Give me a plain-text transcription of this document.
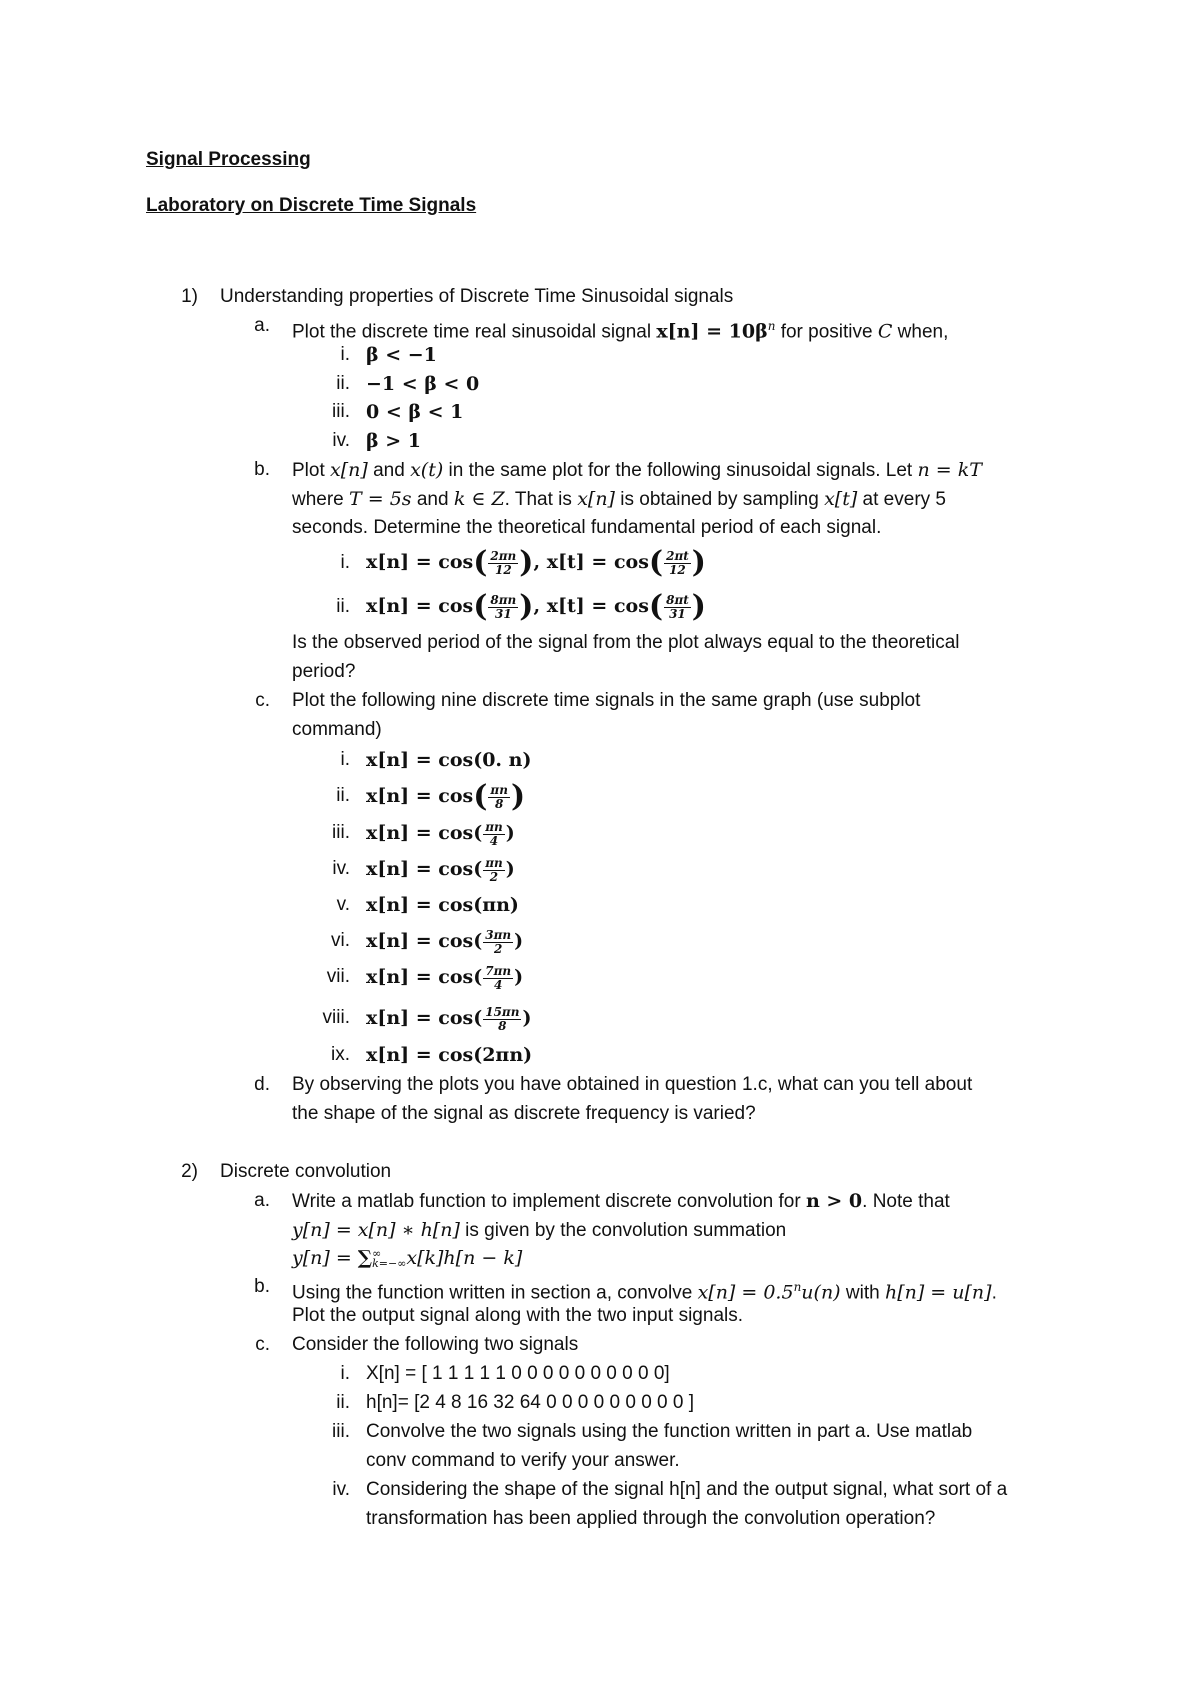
Signal Processing
Laboratory on Discrete Time Signals
1) Understanding properties of Discrete Time Sinusoidal signals
a. Plot the discrete time real sinusoidal signal $x[n] = 10\beta^n$ for positive C when,
i. β < −1
ii. −1 < β < 0
iii. 0 < β < 1
iv. β > 1
b. Plot x[n] and x(t) in the same plot for the following sinusoidal signals. Let n = kT
where T = 5s and k ∈ Z. That is x[n] is obtained by sampling x[t] at every 5
seconds. Determine the theoretical fundamental period of each signal.
i. $x[n] = \cos( \frac{2\pi n}{12}$ ), $x[t] = \cos( \frac{2\pi t}{12}$ )
ii. $x[n] = \cos( \frac{8\pi n}{31}$ ), $x[t] = \cos( \frac{8\pi t}{31}$ )
Is the observed period of the signal from the plot always equal to the theoretical
period?
c. Plot the following nine discrete time signals in the same graph (use subplot
command)
i. x[n] = cos(0. n)
ii. $x[n] = \cos( \frac{\pi n}{8}$ )
iii. $x[n] = \cos( \frac{\pi n}{4}$ )
iv. $x[n] = \cos( \frac{\pi n}{2}$ )
v. x[n] = cos(πn)
vi. $x[n] = \cos( \frac{3\pi n}{2}$ )
vii. $x[n] = \cos( \frac{7\pi n}{4}$ )
viii. $x[n] = \cos( \frac{15\pi n}{8}$ )
ix. x[n] = cos(2πn)
d. By observing the plots you have obtained in question 1.c, what can you tell about
the shape of the signal as discrete frequency is varied?
2) Discrete convolution
a. Write a matlab function to implement discrete convolution for n > 0. Note that
y[n] = x[n] ∗ h[n] is given by the convolution summation
y[n] = ∑ ∞
k=−∞ x[k]h[n − k]
b. Using the function written in section a, convolve $x[n] = 0.5^nu(n)$ with h[n] = u[n].
Plot the output signal along with the two input signals.
c. Consider the following two signals
i. X[n] = [ 1 1 1 1 1 0 0 0 0 0 0 0 0 0 0]
ii. h[n]= [2 4 8 16 32 64 0 0 0 0 0 0 0 0 0 ]
iii. Convolve the two signals using the function written in part a. Use matlab
conv command to verify your answer.
iv. Considering the shape of the signal h[n] and the output signal, what sort of a
transformation has been applied through the convolution operation?
